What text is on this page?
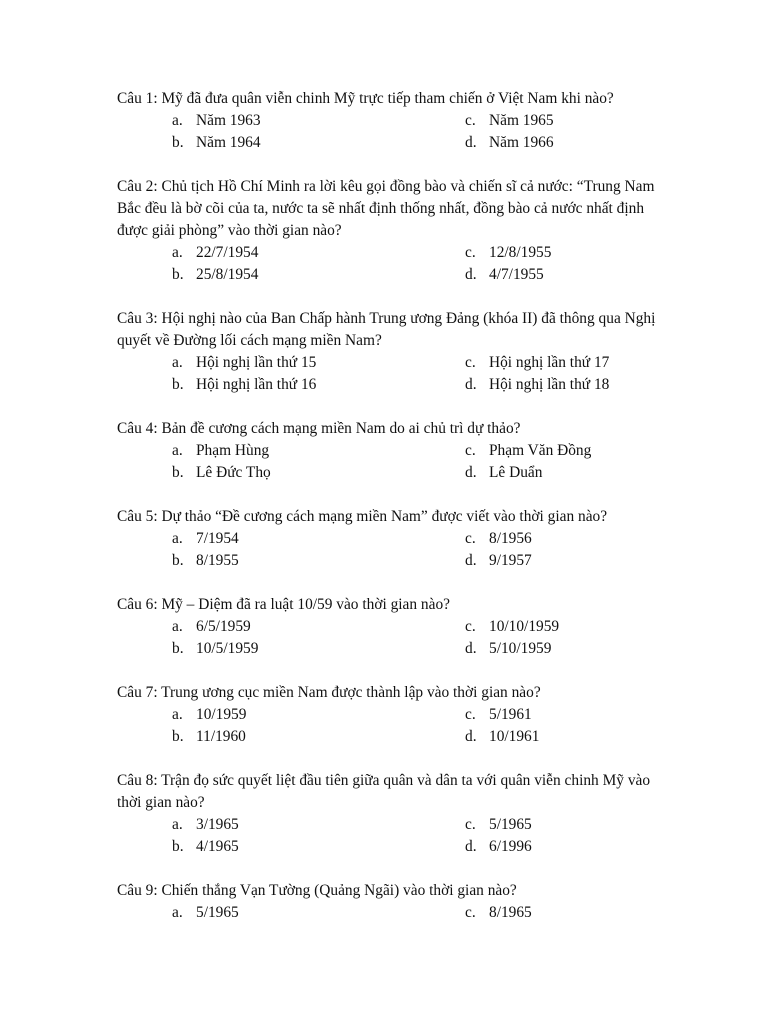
Câu 1: Mỹ đã đưa quân viễn chinh Mỹ trực tiếp tham chiến ở Việt Nam khi nào?

a. Năm 1963	c. Năm 1965
b. Năm 1964	d. Năm 1966

Câu 2: Chủ tịch Hồ Chí Minh ra lời kêu gọi đồng bào và chiến sĩ cả nước: “Trung Nam Bắc đều là bờ cõi của ta, nước ta sẽ nhất định thống nhất, đồng bào cả nước nhất định được giải phòng” vào thời gian nào?

a. 22/7/1954	c. 12/8/1955
b. 25/8/1954	d. 4/7/1955

Câu 3: Hội nghị nào của Ban Chấp hành Trung ương Đảng (khóa II) đã thông qua Nghị quyết về Đường lối cách mạng miền Nam?

a. Hội nghị lần thứ 15	c. Hội nghị lần thứ 17
b. Hội nghị lần thứ 16	d. Hội nghị lần thứ 18

Câu 4: Bản đề cương cách mạng miền Nam do ai chủ trì dự thảo?

a. Phạm Hùng	c. Phạm Văn Đồng
b. Lê Đức Thọ	d. Lê Duẩn

Câu 5: Dự thảo “Đề cương cách mạng miền Nam” được viết vào thời gian nào?

a. 7/1954	c. 8/1956
b. 8/1955	d. 9/1957

Câu 6: Mỹ – Diệm đã ra luật 10/59 vào thời gian nào?

a. 6/5/1959	c. 10/10/1959
b. 10/5/1959	d. 5/10/1959

Câu 7: Trung ương cục miền Nam được thành lập vào thời gian nào?

a. 10/1959	c. 5/1961
b. 11/1960	d. 10/1961

Câu 8: Trận đọ sức quyết liệt đầu tiên giữa quân và dân ta với quân viễn chinh Mỹ vào thời gian nào?

a. 3/1965	c. 5/1965
b. 4/1965	d. 6/1996

Câu 9: Chiến thắng Vạn Tường (Quảng Ngãi) vào thời gian nào?

a. 5/1965	c. 8/1965
